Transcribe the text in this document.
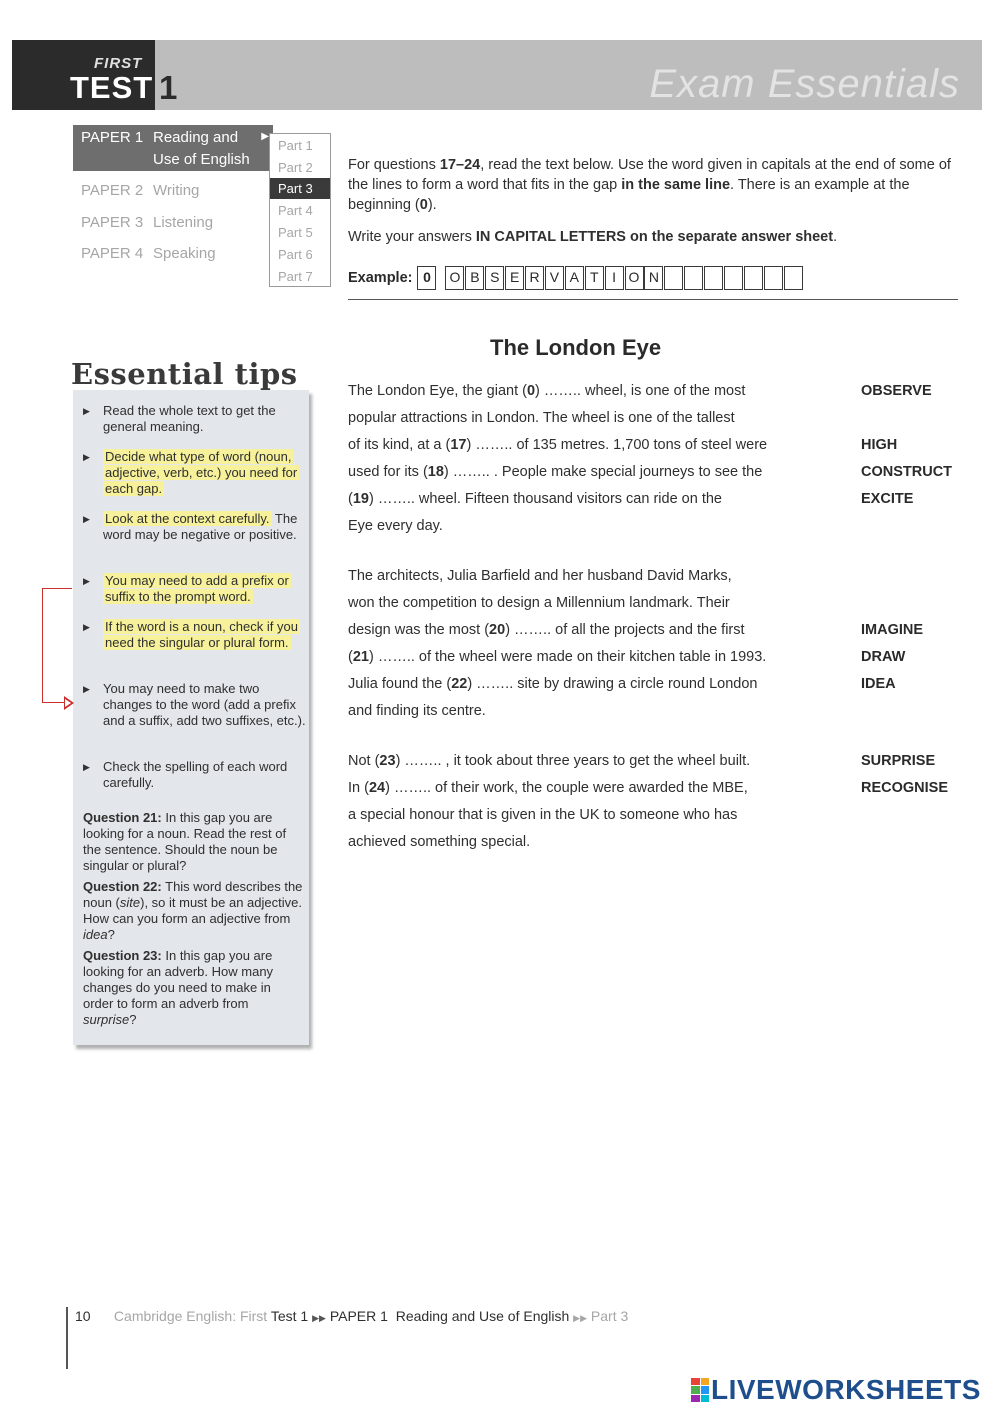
FIRST
TEST 1	Exam Essentials
PAPER 1 Reading and
Use of English
▶
PAPER 2 Writing
PAPER 3 Listening
PAPER 4 Speaking
Part 1
Part 2
Part 3
Part 4
Part 5
Part 6
Part 7

For questions 17–24, read the text below. Use the word given in capitals at the end of some of the lines to form a word that fits in the gap in the same line. There is an example at the beginning (0).

Write your answers IN CAPITAL LETTERS on the separate answer sheet.

Example: 0	O B S E R V A T I O N
▶ Read the whole text to get the general meaning.
▶ Decide what type of word (noun, adjective, verb, etc.) you need for each gap.
▶ Look at the context carefully. The word may be negative or positive.
▶ You may need to add a prefix or suffix to the prompt word.
▶ If the word is a noun, check if you need the singular or plural form.
▶ You may need to make two changes to the word (add a prefix and a suffix, add two suffixes, etc.).
▶ Check the spelling of each word carefully.

Question 21: In this gap you are looking for a noun. Read the rest of the sentence. Should the noun be singular or plural?

Question 22: This word describes the noun (site), so it must be an adjective. How can you form an adjective from idea?

Question 23: In this gap you are looking for an adverb. How many changes do you need to make in order to form an adverb from surprise?

Essential tips
The London Eye
The London Eye, the giant (0) …….. wheel, is one of the most	OBSERVE
popular attractions in London. The wheel is one of the tallest
of its kind, at a (17) …….. of 135 metres. 1,700 tons of steel were	HIGH
used for its (18) …….. . People make special journeys to see the	CONSTRUCT
(19) …….. wheel. Fifteen thousand visitors can ride on the	EXCITE
Eye every day.
The architects, Julia Barfield and her husband David Marks,
won the competition to design a Millennium landmark. Their
design was the most (20) …….. of all the projects and the first	IMAGINE
(21) …….. of the wheel were made on their kitchen table in 1993.	DRAW
Julia found the (22) …….. site by drawing a circle round London	IDEA
and finding its centre.
Not (23) …….. , it took about three years to get the wheel built.	SURPRISE
In (24) …….. of their work, the couple were awarded the MBE,	RECOGNISE
a special honour that is given in the UK to someone who has
achieved something special.
10 Cambridge English: First Test 1 ▶▶ PAPER 1 Reading and Use of English ▶▶ Part 3
LIVEWORKSHEETS
